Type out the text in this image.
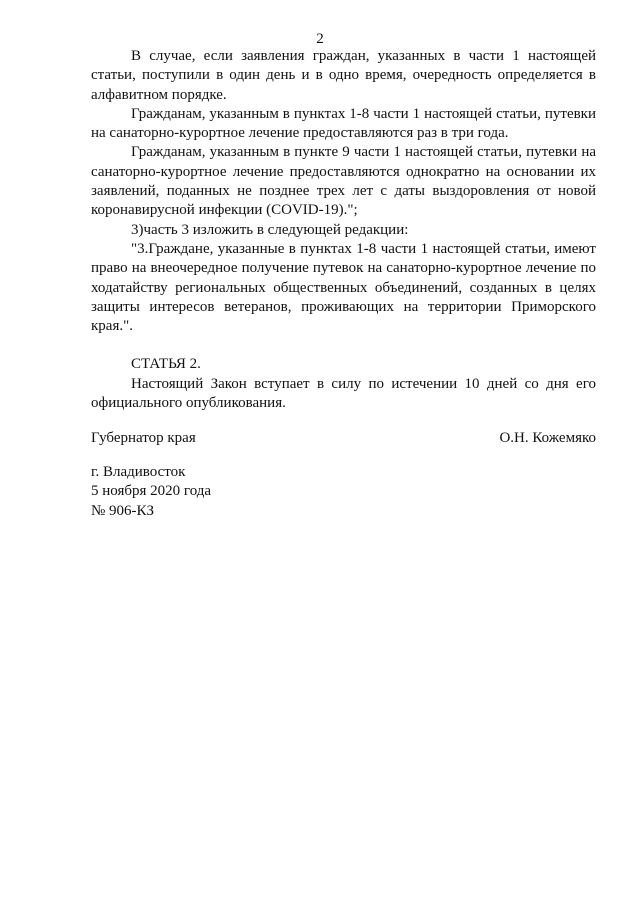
2

В случае, если заявления граждан, указанных в части 1 настоящей статьи, поступили в один день и в одно время, очередность определяется в алфавитном порядке.

Гражданам, указанным в пунктах 1-8 части 1 настоящей статьи, путевки на санаторно-курортное лечение предоставляются раз в три года.

Гражданам, указанным в пункте 9 части 1 настоящей статьи, путевки на санаторно-курортное лечение предоставляются однократно на основании их заявлений, поданных не позднее трех лет с даты выздоровления от новой коронавирусной инфекции (COVID-19).";

3)часть 3 изложить в следующей редакции:

"3.Граждане, указанные в пунктах 1-8 части 1 настоящей статьи, имеют право на внеочередное получение путевок на санаторно-курортное лечение по ходатайству региональных общественных объединений, созданных в целях защиты интересов ветеранов, проживающих на территории Приморского края.".

СТАТЬЯ 2.

Настоящий Закон вступает в силу по истечении 10 дней со дня его официального опубликования.

Губернатор края	О.Н. Кожемяко
г. Владивосток
5 ноября 2020 года
№ 906-КЗ
